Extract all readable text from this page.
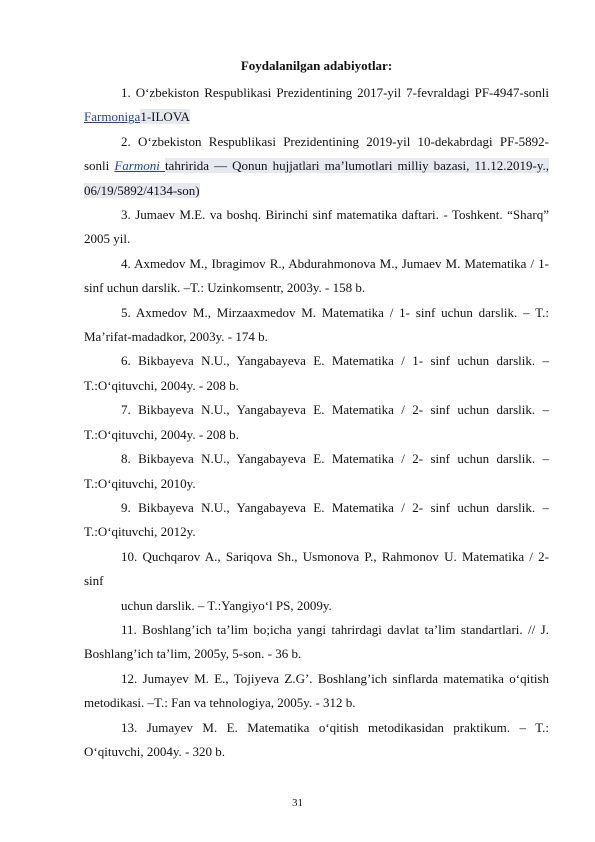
Foydalanilgan adabiyotlar:

1. O‘zbekiston Respublikasi Prezidentining 2017-yil 7-fevraldagi PF-4947-sonli Farmoniga1-ILOVA

2. O‘zbekiston Respublikasi Prezidentining 2019-yil 10-dekabrdagi PF-5892-sonli Farmoni tahririda — Qonun hujjatlari ma’lumotlari milliy bazasi, 11.12.2019-y., 06/19/5892/4134-son)

3. Jumaev M.E. va boshq. Birinchi sinf matematika daftari. - Toshkent. “Sharq” 2005 yil.

4. Axmedov M., Ibragimov R., Abdurahmonova M., Jumaev M. Matematika / 1-sinf uchun darslik. –T.: Uzinkomsentr, 2003y. - 158 b.

5. Axmedov M., Mirzaaxmedov M. Matematika / 1- sinf uchun darslik. – T.: Ma’rifat-madadkor, 2003y. - 174 b.

6. Bikbayeva N.U., Yangabayeva E. Matematika / 1- sinf uchun darslik. – T.:O‘qituvchi, 2004y. - 208 b.

7. Bikbayeva N.U., Yangabayeva E. Matematika / 2- sinf uchun darslik. – T.:O‘qituvchi, 2004y. - 208 b.

8. Bikbayeva N.U., Yangabayeva E. Matematika / 2- sinf uchun darslik. – T.:O‘qituvchi, 2010y.

9. Bikbayeva N.U., Yangabayeva E. Matematika / 2- sinf uchun darslik. – T.:O‘qituvchi, 2012y.

10. Quchqarov A., Sariqova Sh., Usmonova P., Rahmonov U. Matematika / 2- sinf

uchun darslik. – T.:Yangiyo‘l PS, 2009y.

11. Boshlang’ich ta’lim bo;icha yangi tahrirdagi davlat ta’lim standartlari. // J. Boshlang’ich ta’lim, 2005y, 5-son. - 36 b.

12. Jumayev M. E., Tojiyeva Z.G’. Boshlang’ich sinflarda matematika o‘qitish metodikasi. –T.: Fan va tehnologiya, 2005y. - 312 b.

13. Jumayev M. E. Matematika o‘qitish metodikasidan praktikum. – T.: O‘qituvchi, 2004y. - 320 b.

31
